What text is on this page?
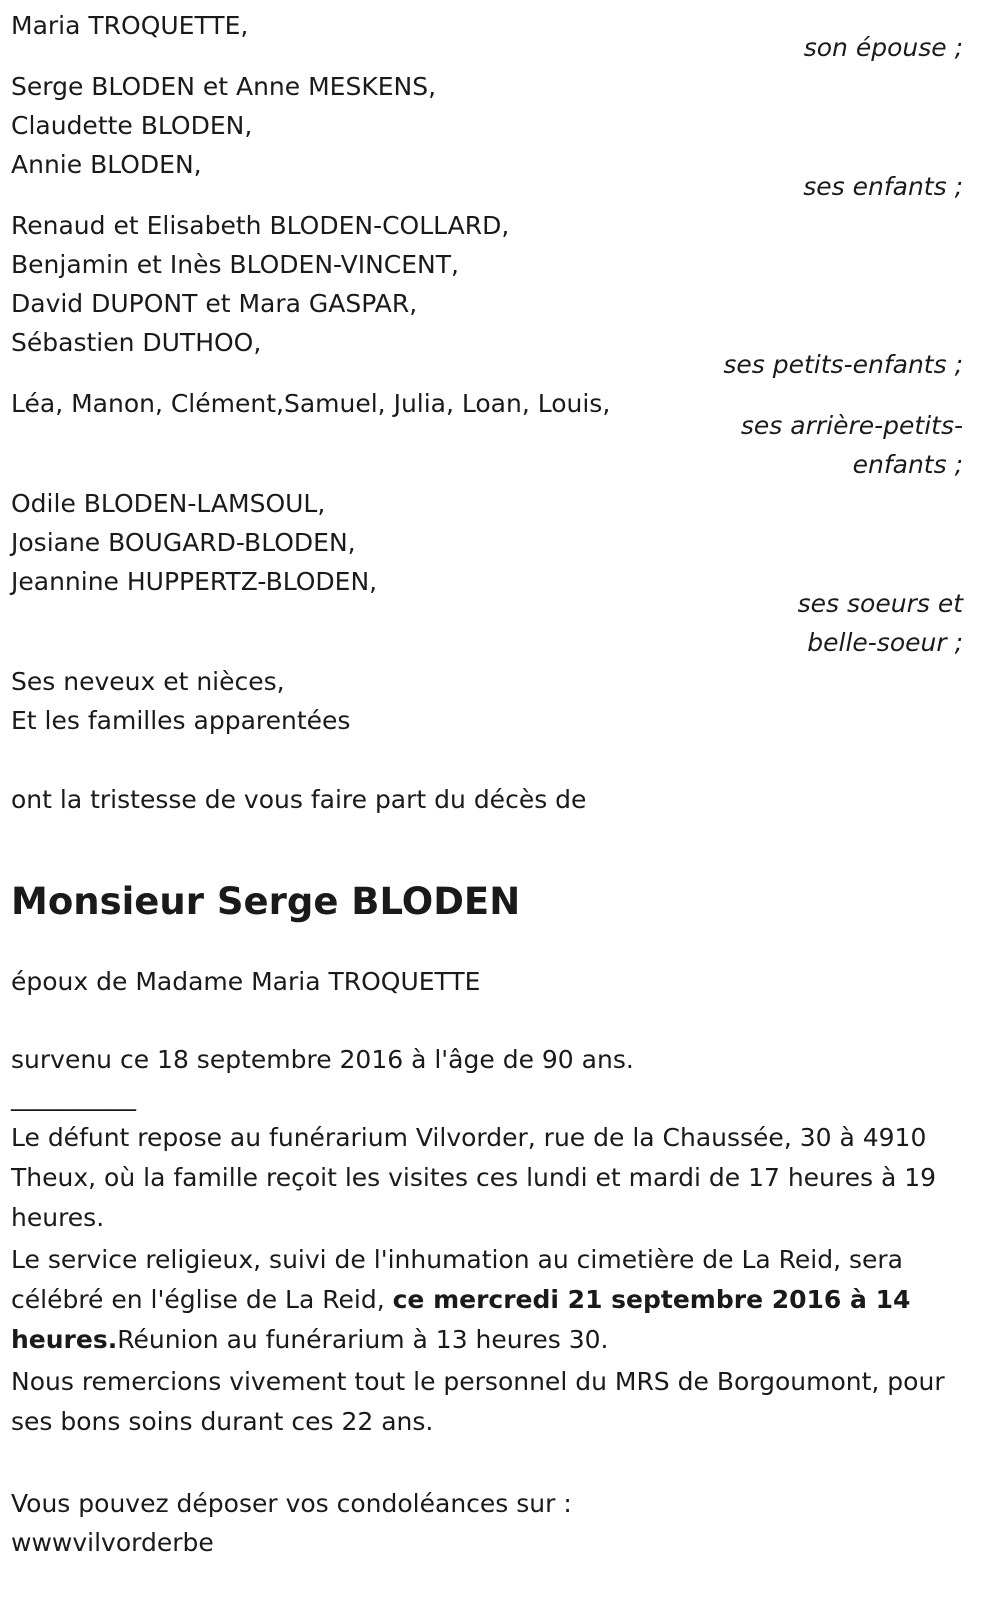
Maria TROQUETTE,
son épouse ;
Serge BLODEN et Anne MESKENS,
Claudette BLODEN,
Annie BLODEN,
ses enfants ;
Renaud et Elisabeth BLODEN-COLLARD,
Benjamin et Inès BLODEN-VINCENT,
David DUPONT et Mara GASPAR,
Sébastien DUTHOO,
ses petits-enfants ;
Léa, Manon, Clément,Samuel, Julia, Loan, Louis,
ses arrière-petits-
enfants ;
Odile BLODEN-LAMSOUL,
Josiane BOUGARD-BLODEN,
Jeannine HUPPERTZ-BLODEN,
ses soeurs et
belle-soeur ;
Ses neveux et nièces,
Et les familles apparentées
ont la tristesse de vous faire part du décès de
Monsieur Serge BLODEN
époux de Madame Maria TROQUETTE
survenu ce 18 septembre 2016 à l'âge de 90 ans.
__________
Le défunt repose au funérarium Vilvorder, rue de la Chaussée, 30 à 4910 Theux, où la famille reçoit les visites ces lundi et mardi de 17 heures à 19 heures.
Le service religieux, suivi de l'inhumation au cimetière de La Reid, sera célébré en l'église de La Reid, ce mercredi 21 septembre 2016 à 14 heures.Réunion au funérarium à 13 heures 30.
Nous remercions vivement tout le personnel du MRS de Borgoumont, pour ses bons soins durant ces 22 ans.
Vous pouvez déposer vos condoléances sur :
wwwvilvorderbe
